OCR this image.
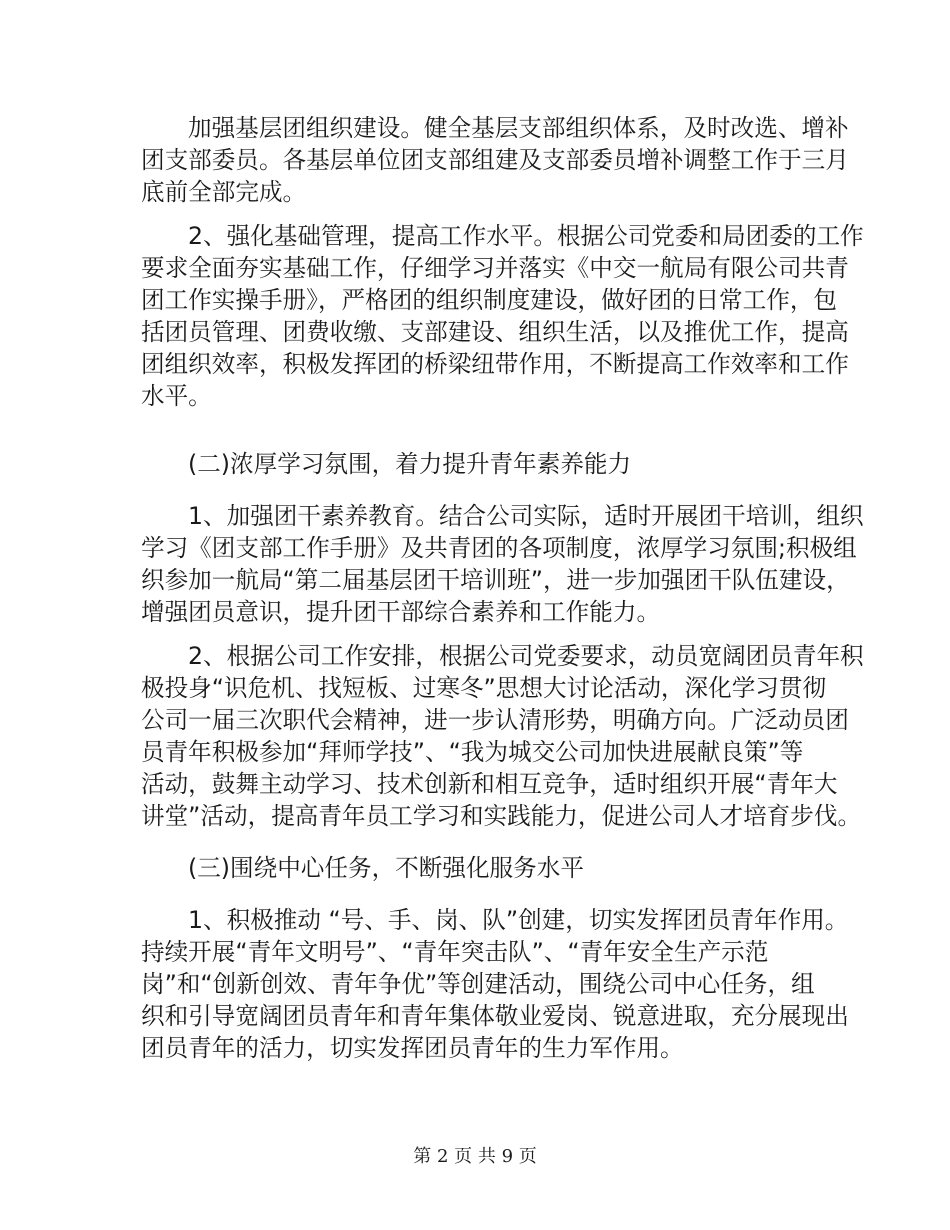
加强基层团组织建设。健全基层支部组织体系，及时改选、增补
团支部委员。各基层单位团支部组建及支部委员增补调整工作于三月
底前全部完成。
2、强化基础管理，提高工作水平。根据公司党委和局团委的工作
要求全面夯实基础工作，仔细学习并落实《中交一航局有限公司共青
团工作实操手册》，严格团的组织制度建设，做好团的日常工作，包
括团员管理、团费收缴、支部建设、组织生活，以及推优工作，提高
团组织效率，积极发挥团的桥梁纽带作用，不断提高工作效率和工作
水平。
(二)浓厚学习氛围，着力提升青年素养能力
1、加强团干素养教育。结合公司实际，适时开展团干培训，组织
学习《团支部工作手册》及共青团的各项制度，浓厚学习氛围;积极组
织参加一航局“第二届基层团干培训班”，进一步加强团干队伍建设，
增强团员意识，提升团干部综合素养和工作能力。
2、根据公司工作安排，根据公司党委要求，动员宽阔团员青年积
极投身“识危机、找短板、过寒冬”思想大讨论活动，深化学习贯彻
公司一届三次职代会精神，进一步认清形势，明确方向。广泛动员团
员青年积极参加“拜师学技”、“我为城交公司加快进展献良策”等
活动，鼓舞主动学习、技术创新和相互竞争，适时组织开展“青年大
讲堂”活动，提高青年员工学习和实践能力，促进公司人才培育步伐。
(三)围绕中心任务，不断强化服务水平
1、积极推动 “号、手、岗、队”创建，切实发挥团员青年作用。
持续开展“青年文明号”、“青年突击队”、“青年安全生产示范
岗”和“创新创效、青年争优”等创建活动，围绕公司中心任务，组
织和引导宽阔团员青年和青年集体敬业爱岗、锐意进取，充分展现出
团员青年的活力，切实发挥团员青年的生力军作用。
第 2 页 共 9 页
